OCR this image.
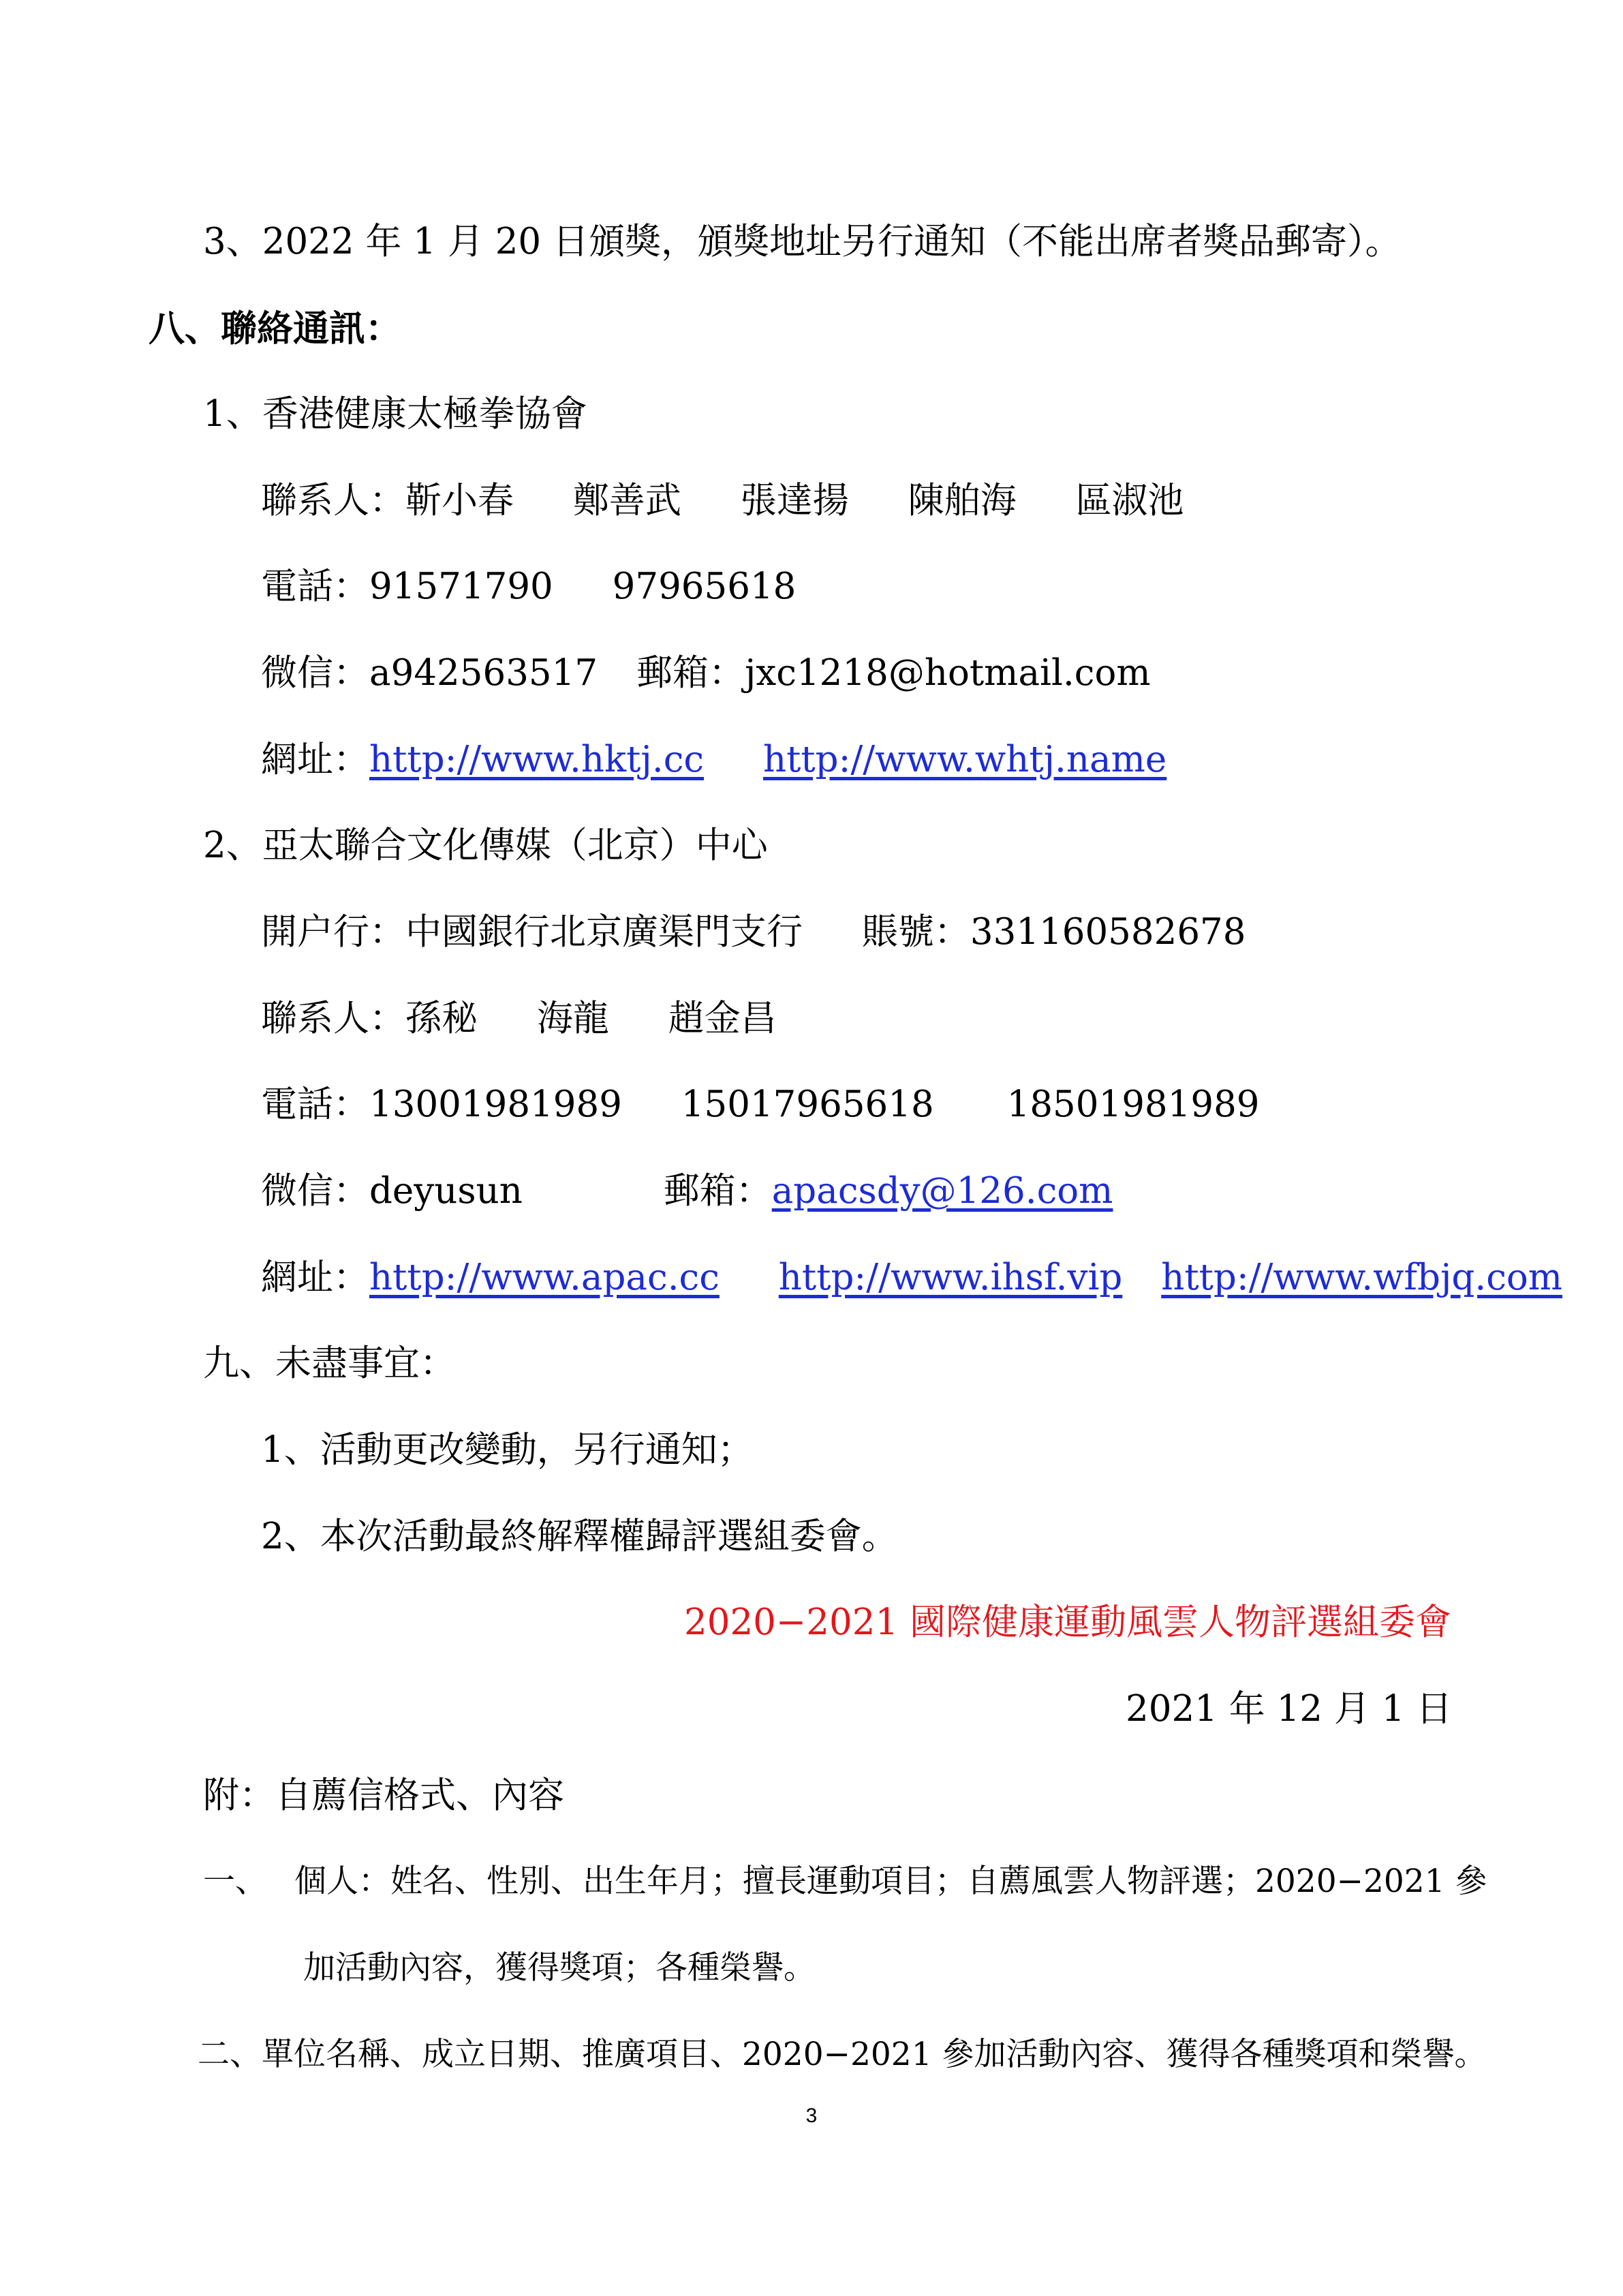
3、2022 年 1 月 20 日頒獎，頒獎地址另行通知（不能出席者獎品郵寄）。
八、聯絡通訊：
1、香港健康太極拳協會
聯系人：靳小春 鄭善武 張達揚 陳舶海 區淑池
電話：91571790 97965618
微信：a942563517 郵箱：jxc1218@hotmail.com
網址：http://www.hktj.cc http://www.whtj.name
2、亞太聯合文化傳媒（北京）中心
開户行：中國銀行北京廣渠門支行 賬號：331160582678
聯系人：孫秘 海龍 趙金昌
電話：13001981989 15017965618 18501981989
微信：deyusun	郵箱：apacsdy@126.com
網址：http://www.apac.cc http://www.ihsf.vip http://www.wfbjq.com
九、未盡事宜：
1、活動更改變動，另行通知；
2、本次活動最終解釋權歸評選組委會。
2020−2021 國際健康運動風雲人物評選組委會
2021 年 12 月 1 日
附：自薦信格式、內容
一、 個人：姓名、性別、出生年月；擅長運動項目；自薦風雲人物評選；2020−2021 參
加活動內容，獲得獎項；各種榮譽。
二、單位名稱、成立日期、推廣項目、2020−2021 參加活動內容、獲得各種獎項和榮譽。
3
